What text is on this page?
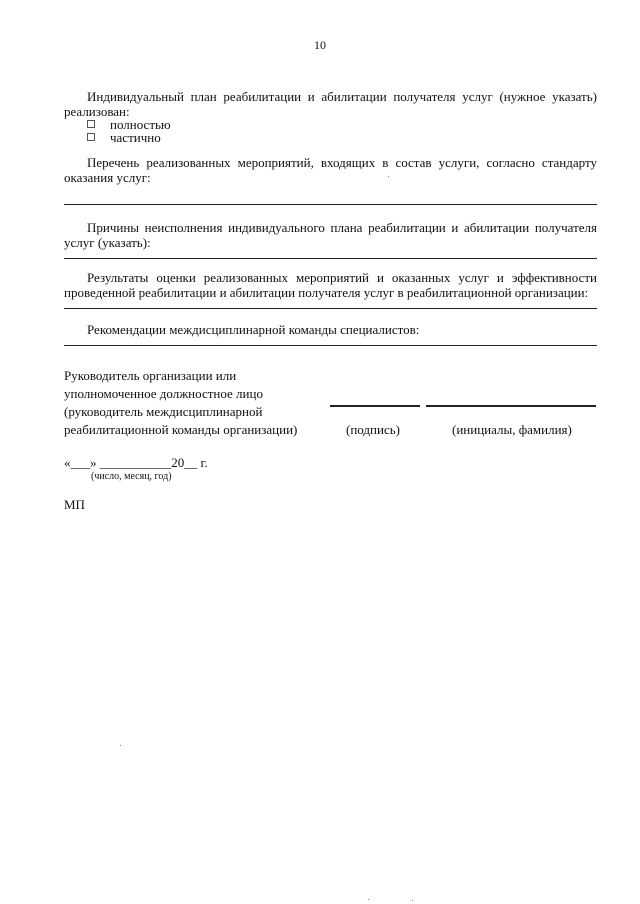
10
Индивидуальный план реабилитации и абилитации получателя услуг (нужное указать)
реализован:
полностью
частично
Перечень реализованных мероприятий, входящих в состав услуги, согласно стандарту
оказания услуг:
Причины неисполнения индивидуального плана реабилитации и абилитации получателя
услуг (указать):
Результаты оценки реализованных мероприятий и оказанных услуг и эффективности
проведенной реабилитации и абилитации получателя услуг в реабилитационной организации:
Рекомендации междисциплинарной команды специалистов:
Руководитель организации или
уполномоченное должностное лицо
(руководитель междисциплинарной
реабилитационной команды организации)	(подпись)	(инициалы, фамилия)
«___» ___________20__ г.
(число, месяц, год)
МП
